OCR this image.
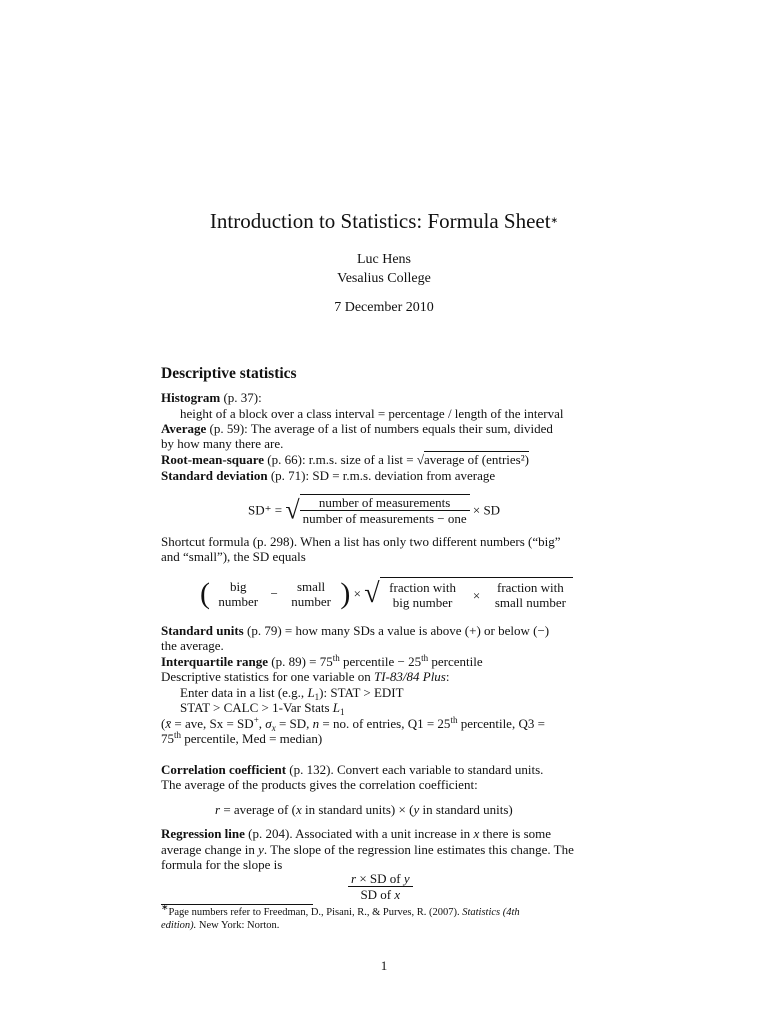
Introduction to Statistics: Formula Sheet∗
Luc Hens
Vesalius College
7 December 2010
Descriptive statistics
Histogram (p. 37):
height of a block over a class interval = percentage / length of the interval
Average (p. 59): The average of a list of numbers equals their sum, divided
by how many there are.
Root-mean-square (p. 66): r.m.s. size of a list = √average of (entries²)
Standard deviation (p. 71): SD = r.m.s. deviation from average
SD⁺ = √ $\frac{\text{number of measurements}}{\text{number of measurements − one}}$ × SD
Shortcut formula (p. 298). When a list has only two different numbers (“big”
and “small”), the SD equals
(	big
number −	small
number ) × √ fraction with
big number	×	fraction with
small number
Standard units (p. 79) = how many SDs a value is above (+) or below (−)
the average.
Interquartile range (p. 89) = 75th percentile − 25th percentile
Descriptive statistics for one variable on TI-83/84 Plus:
Enter data in a list (e.g., $L_1$): STAT > EDIT
STAT > CALC > 1-Var Stats $L_1$
(x̄ = ave, Sx = SD+, $\sigma_x$ = SD, n = no. of entries, Q1 = 25th percentile, Q3 =
75th percentile, Med = median)
Correlation coefficient (p. 132). Convert each variable to standard units.
The average of the products gives the correlation coefficient:
r = average of (x in standard units) × (y in standard units)
Regression line (p. 204). Associated with a unit increase in x there is some
average change in y. The slope of the regression line estimates this change. The
formula for the slope is
$\frac{\text{r × SD of y}}{\text{SD of x}}$
∗Page numbers refer to Freedman, D., Pisani, R., & Purves, R. (2007). Statistics (4th
edition). New York: Norton.
1
